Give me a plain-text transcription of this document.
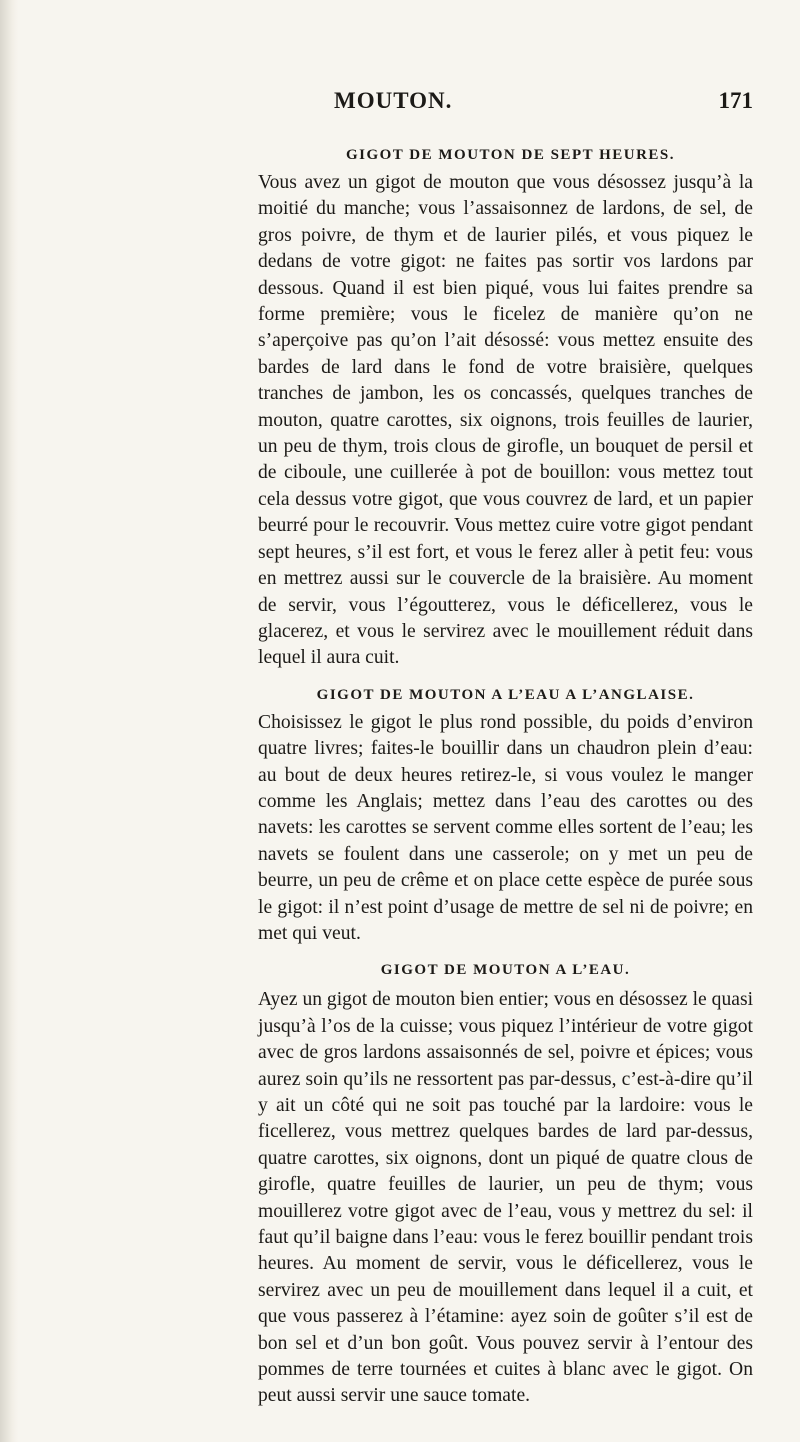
MOUTON.	171
GIGOT DE MOUTON DE SEPT HEURES.

Vous avez un gigot de mouton que vous désossez jusqu’à la moitié du manche; vous l’assaisonnez de lardons, de sel, de gros poivre, de thym et de laurier pilés, et vous piquez le dedans de votre gigot: ne faites pas sortir vos lardons par dessous. Quand il est bien piqué, vous lui faites prendre sa forme première; vous le ficelez de manière qu’on ne s’aperçoive pas qu’on l’ait désossé: vous mettez ensuite des bardes de lard dans le fond de votre braisière, quelques tranches de jambon, les os concassés, quelques tranches de mouton, quatre carottes, six oignons, trois feuilles de laurier, un peu de thym, trois clous de girofle, un bouquet de persil et de ciboule, une cuillerée à pot de bouillon: vous mettez tout cela dessus votre gigot, que vous couvrez de lard, et un papier beurré pour le recouvrir. Vous mettez cuire votre gigot pendant sept heures, s’il est fort, et vous le ferez aller à petit feu: vous en mettrez aussi sur le couvercle de la braisière. Au moment de servir, vous l’égoutterez, vous le déficellerez, vous le glacerez, et vous le servirez avec le mouillement réduit dans lequel il aura cuit.

GIGOT DE MOUTON A L’EAU A L’ANGLAISE.

Choisissez le gigot le plus rond possible, du poids d’environ quatre livres; faites-le bouillir dans un chaudron plein d’eau: au bout de deux heures retirez-le, si vous voulez le manger comme les Anglais; mettez dans l’eau des carottes ou des navets: les carottes se servent comme elles sortent de l’eau; les navets se foulent dans une casserole; on y met un peu de beurre, un peu de crême et on place cette espèce de purée sous le gigot: il n’est point d’usage de mettre de sel ni de poivre; en met qui veut.

GIGOT DE MOUTON A L’EAU.

Ayez un gigot de mouton bien entier; vous en désossez le quasi jusqu’à l’os de la cuisse; vous piquez l’intérieur de votre gigot avec de gros lardons assaisonnés de sel, poivre et épices; vous aurez soin qu’ils ne ressortent pas par-dessus, c’est-à-dire qu’il y ait un côté qui ne soit pas touché par la lardoire: vous le ficellerez, vous mettrez quelques bardes de lard par-dessus, quatre carottes, six oignons, dont un piqué de quatre clous de girofle, quatre feuilles de laurier, un peu de thym; vous mouillerez votre gigot avec de l’eau, vous y mettrez du sel: il faut qu’il baigne dans l’eau: vous le ferez bouillir pendant trois heures. Au moment de servir, vous le déficellerez, vous le servirez avec un peu de mouillement dans lequel il a cuit, et que vous passerez à l’étamine: ayez soin de goûter s’il est de bon sel et d’un bon goût. Vous pouvez servir à l’entour des pommes de terre tournées et cuites à blanc avec le gigot. On peut aussi servir une sauce tomate.
